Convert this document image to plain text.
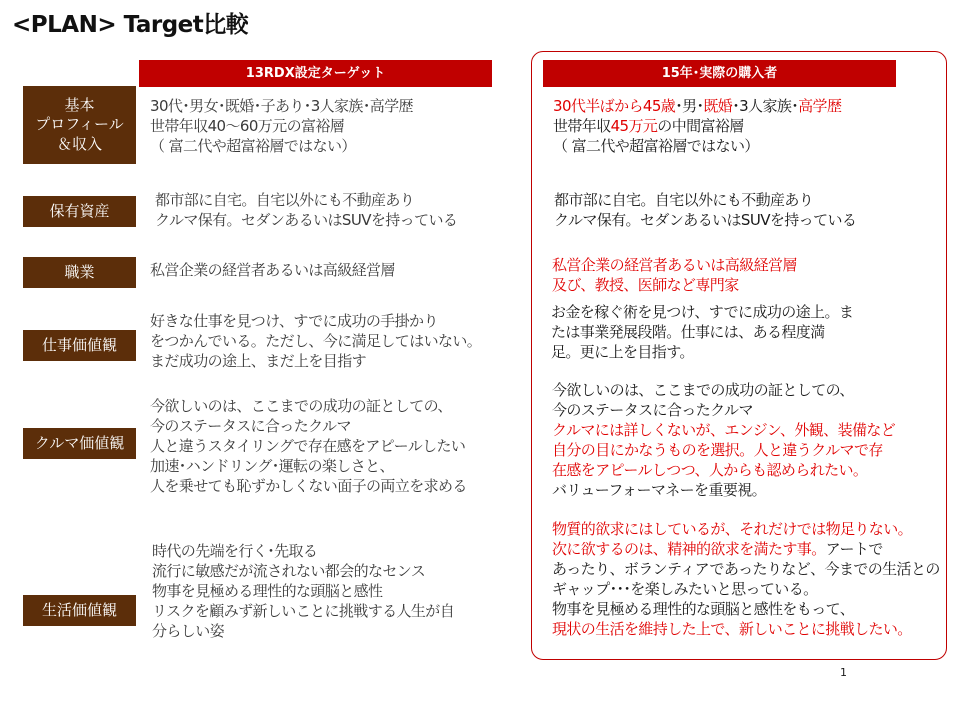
<PLAN> Target比較
13RDX設定ターゲット	15年･実際の購入者
基本
プロフィール
＆収入
保有資産
職業
仕事価値観
クルマ価値観
生活価値観
30代･男女･既婚･子あり･3人家族･高学歴
世帯年収40～60万元の富裕層
（ 富二代や超富裕層ではない）
都市部に自宅。自宅以外にも不動産あり
クルマ保有。セダンあるいはSUVを持っている
私営企業の経営者あるいは高級経営層
好きな仕事を見つけ、すでに成功の手掛かり
をつかんでいる。ただし、今に満足してはいない。
まだ成功の途上、まだ上を目指す
今欲しいのは、ここまでの成功の証としての、
今のステータスに合ったクルマ
人と違うスタイリングで存在感をアピールしたい
加速･ハンドリング･運転の楽しさと、
人を乗せても恥ずかしくない面子の両立を求める
時代の先端を行く･先取る
流行に敏感だが流されない都会的なセンス
物事を見極める理性的な頭脳と感性
リスクを顧みず新しいことに挑戦する人生が自
分らしい姿
30代半ばから45歳･男･既婚･3人家族･高学歴
世帯年収45万元の中間富裕層
（ 富二代や超富裕層ではない）
都市部に自宅。自宅以外にも不動産あり
クルマ保有。セダンあるいはSUVを持っている
私営企業の経営者あるいは高級経営層
及び、教授、医師など専門家
お金を稼ぐ術を見つけ、すでに成功の途上。ま
たは事業発展段階。仕事には、ある程度満
足。更に上を目指す。
今欲しいのは、ここまでの成功の証としての、
今のステータスに合ったクルマ
クルマには詳しくないが、エンジン、外観、装備など
自分の目にかなうものを選択。人と違うクルマで存
在感をアピールしつつ、人からも認められたい。
バリューフォーマネーを重要視。
物質的欲求にはしているが、それだけでは物足りない。
次に欲するのは、精神的欲求を満たす事。アートで
あったり、ボランティアであったりなど、今までの生活との
ギャップ･･･を楽しみたいと思っている。
物事を見極める理性的な頭脳と感性をもって、
現状の生活を維持した上で、新しいことに挑戦したい。
1
